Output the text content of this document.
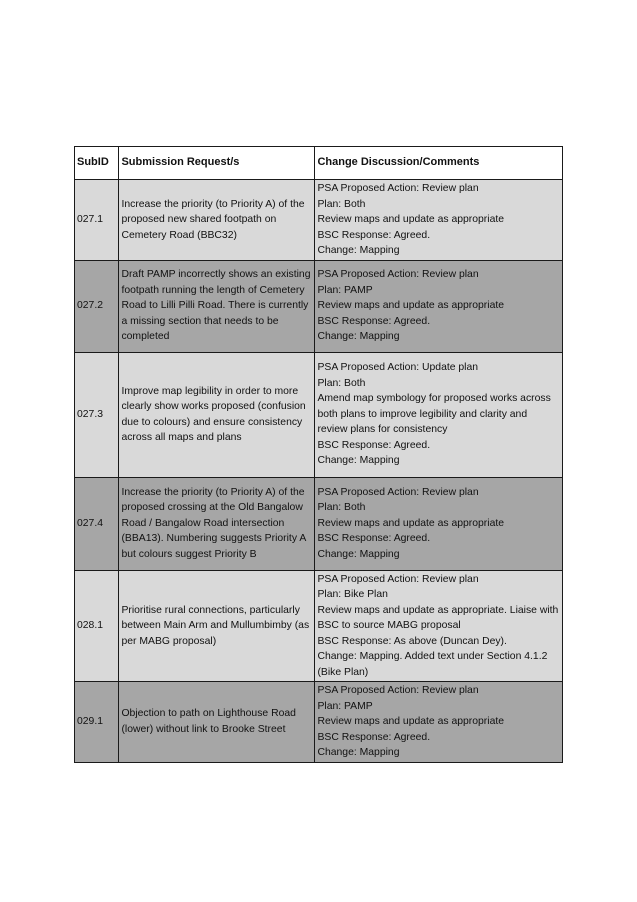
SubID	Submission Request/s	Change Discussion/Comments
027.1	Increase the priority (to Priority A) of the proposed new shared footpath on Cemetery Road (BBC32)	PSA Proposed Action: Review plan
Plan: Both
Review maps and update as appropriate
BSC Response: Agreed.
Change: Mapping

027.2	Draft PAMP incorrectly shows an existing footpath running the length of Cemetery Road to Lilli Pilli Road. There is currently a missing section that needs to be completed	PSA Proposed Action: Review plan
Plan: PAMP
Review maps and update as appropriate
BSC Response: Agreed.
Change: Mapping

027.3	Improve map legibility in order to more clearly show works proposed (confusion due to colours) and ensure consistency across all maps and plans	PSA Proposed Action: Update plan
Plan: Both
Amend map symbology for proposed works across both plans to improve legibility and clarity and review plans for consistency
BSC Response: Agreed.
Change: Mapping

027.4	Increase the priority (to Priority A) of the proposed crossing at the Old Bangalow Road / Bangalow Road intersection (BBA13). Numbering suggests Priority A but colours suggest Priority B	PSA Proposed Action: Review plan
Plan: Both
Review maps and update as appropriate
BSC Response: Agreed.
Change: Mapping

028.1	Prioritise rural connections, particularly between Main Arm and Mullumbimby (as per MABG proposal)	PSA Proposed Action: Review plan
Plan: Bike Plan
Review maps and update as appropriate. Liaise with BSC to source MABG proposal
BSC Response: As above (Duncan Dey).
Change: Mapping. Added text under Section 4.1.2 (Bike Plan)

029.1	Objection to path on Lighthouse Road (lower) without link to Brooke Street	PSA Proposed Action: Review plan
Plan: PAMP
Review maps and update as appropriate
BSC Response: Agreed.
Change: Mapping
